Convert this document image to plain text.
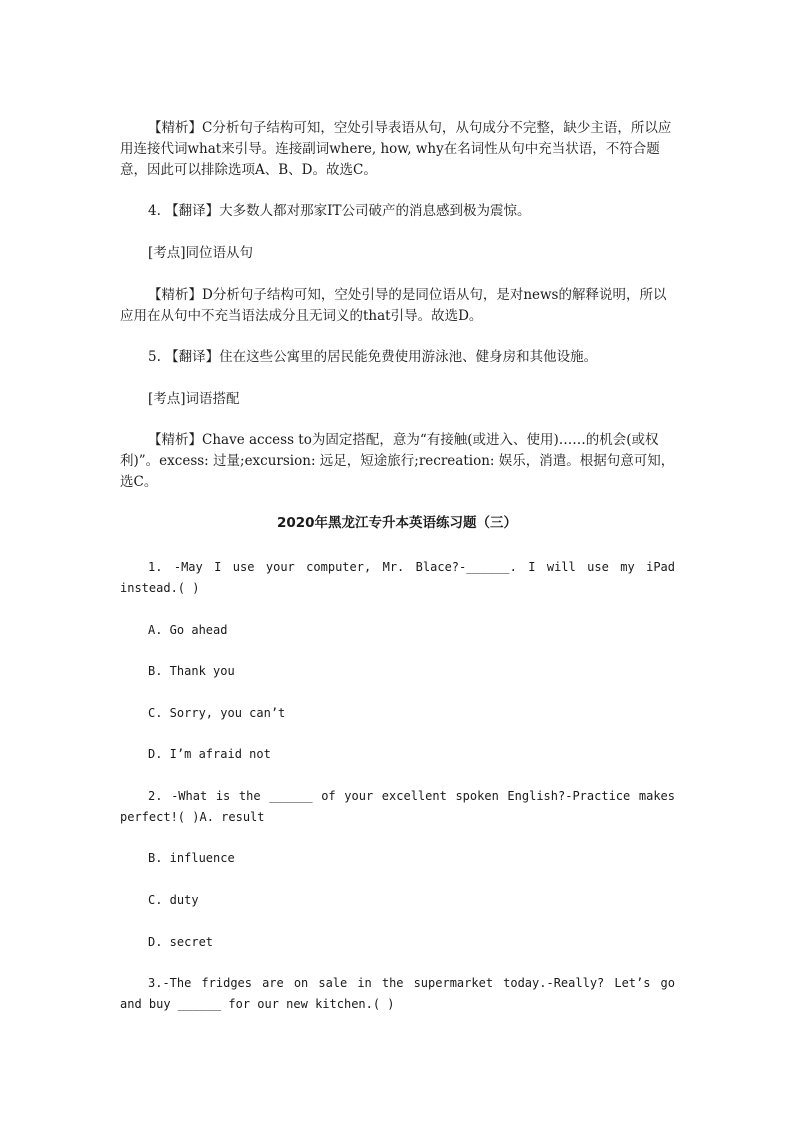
【精析】C分析句子结构可知，空处引导表语从句，从句成分不完整，缺少主语，所以应用连接代词what来引导。连接副词where, how, why在名词性从句中充当状语，不符合题意，因此可以排除选项A、B、D。故选C。

4. 【翻译】大多数人都对那家IT公司破产的消息感到极为震惊。

[考点]同位语从句

【精析】D分析句子结构可知，空处引导的是同位语从句，是对news的解释说明，所以应用在从句中不充当语法成分且无词义的that引导。故选D。

5. 【翻译】住在这些公寓里的居民能免费使用游泳池、健身房和其他设施。

[考点]词语搭配

【精析】Chave access to为固定搭配，意为“有接触(或进入、使用)……的机会(或权利)”。excess: 过量;excursion: 远足，短途旅行;recreation: 娱乐，消遣。根据句意可知，选C。

2020年黑龙江专升本英语练习题（三）

1. -May I use your computer, Mr. Blace?-______. I will use my iPad instead.( )

A. Go ahead

B. Thank you

C. Sorry, you can’t

D. I’m afraid not

2. -What is the ______ of your excellent spoken English?-Practice makes perfect!( )A. result

B. influence

C. duty

D. secret

3.-The fridges are on sale in the supermarket today.-Really? Let’s go and buy ______ for our new kitchen.( )
